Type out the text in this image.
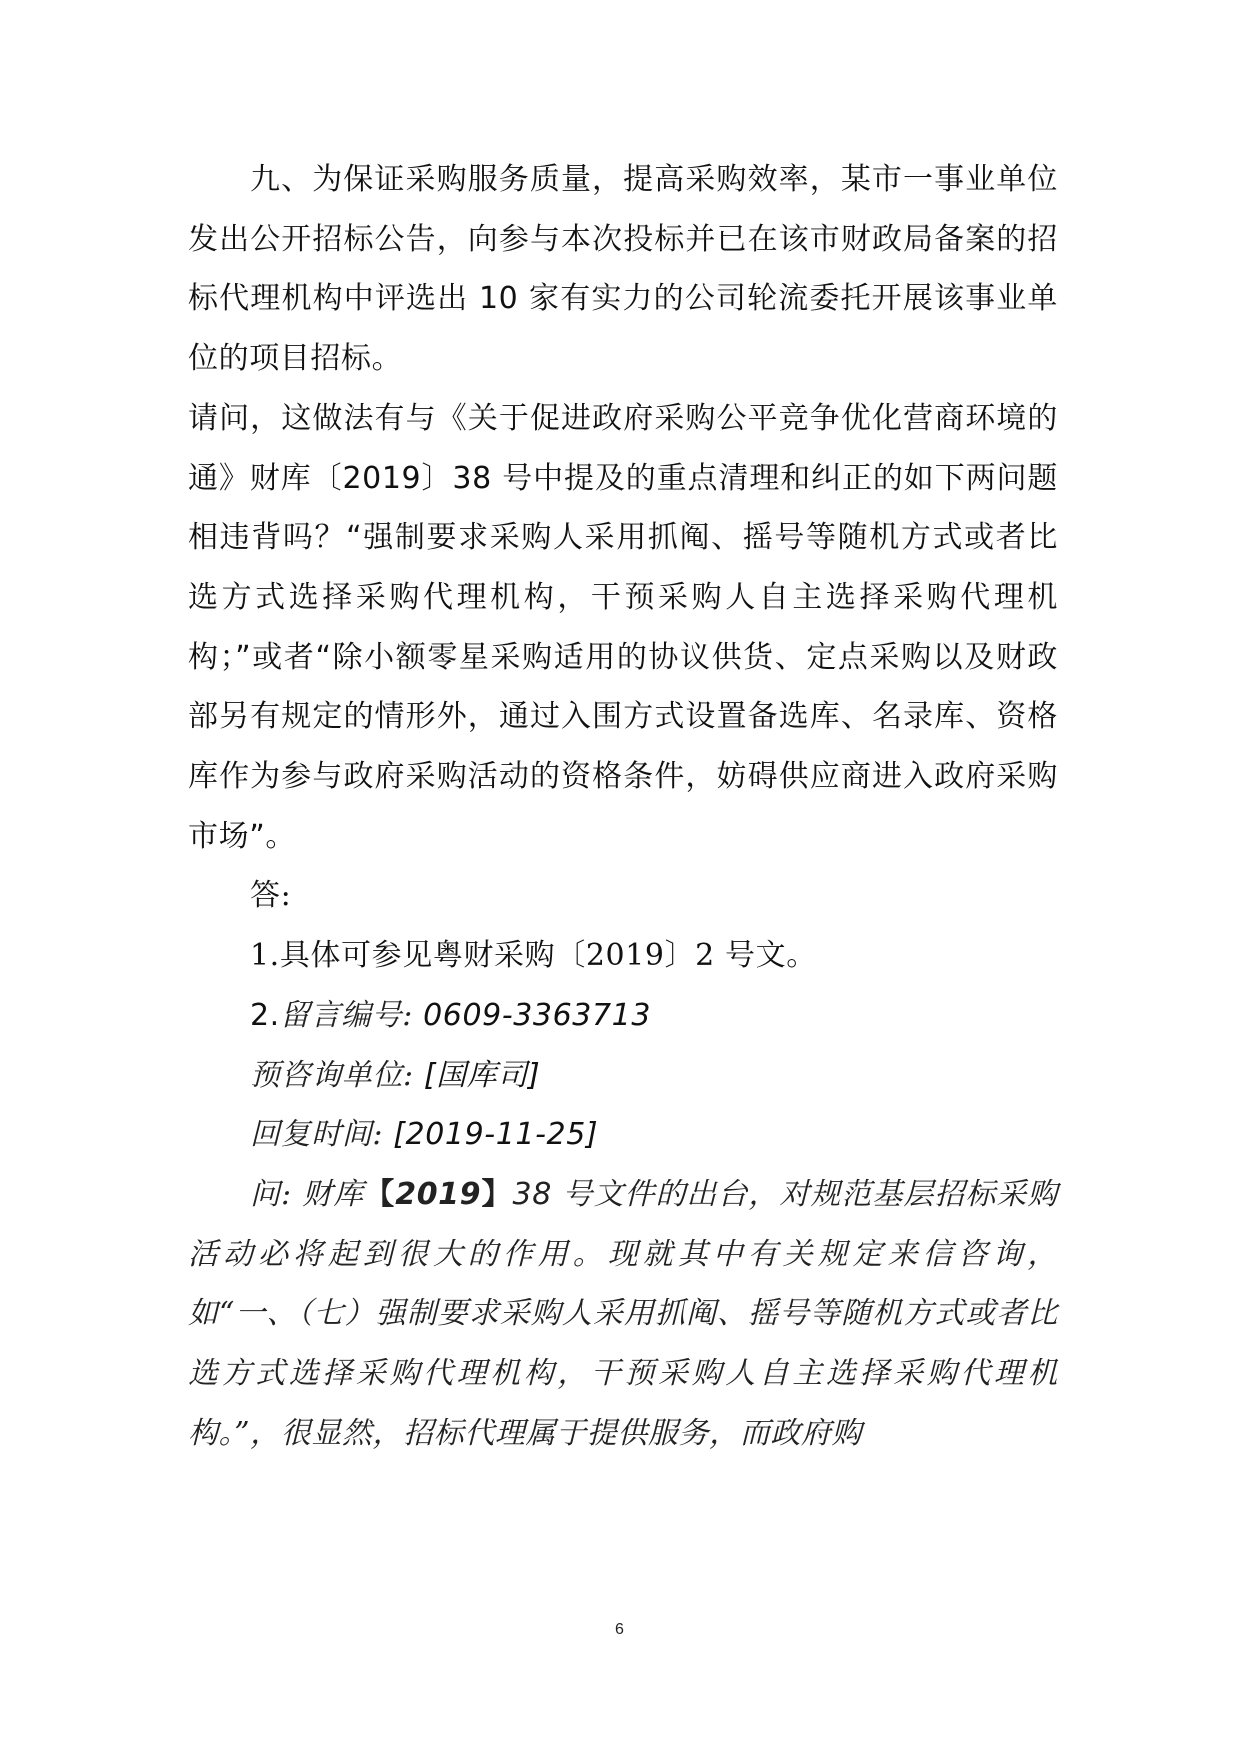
九、为保证采购服务质量，提高采购效率，某市一事业单位发出公开招标公告，向参与本次投标并已在该市财政局备案的招标代理机构中评选出 10 家有实力的公司轮流委托开展该事业单位的项目招标。

请问，这做法有与《关于促进政府采购公平竞争优化营商环境的通》财库〔2019〕38 号中提及的重点清理和纠正的如下两问题相违背吗？“强制要求采购人采用抓阄、摇号等随机方式或者比选方式选择采购代理机构，干预采购人自主选择采购代理机构；”或者“除小额零星采购适用的协议供货、定点采购以及财政部另有规定的情形外，通过入围方式设置备选库、名录库、资格库作为参与政府采购活动的资格条件，妨碍供应商进入政府采购市场”。

答:

1.具体可参见粤财采购〔2019〕2 号文。

2.留言编号: 0609-3363713

预咨询单位: [国库司]

回复时间: [2019-11-25]

问: 财库【2019】38 号文件的出台，对规范基层招标采购活动必将起到很大的作用。现就其中有关规定来信咨询，如“一、（七）强制要求采购人采用抓阄、摇号等随机方式或者比选方式选择采购代理机构，干预采购人自主选择采购代理机构。”，很显然，招标代理属于提供服务，而政府购

6
